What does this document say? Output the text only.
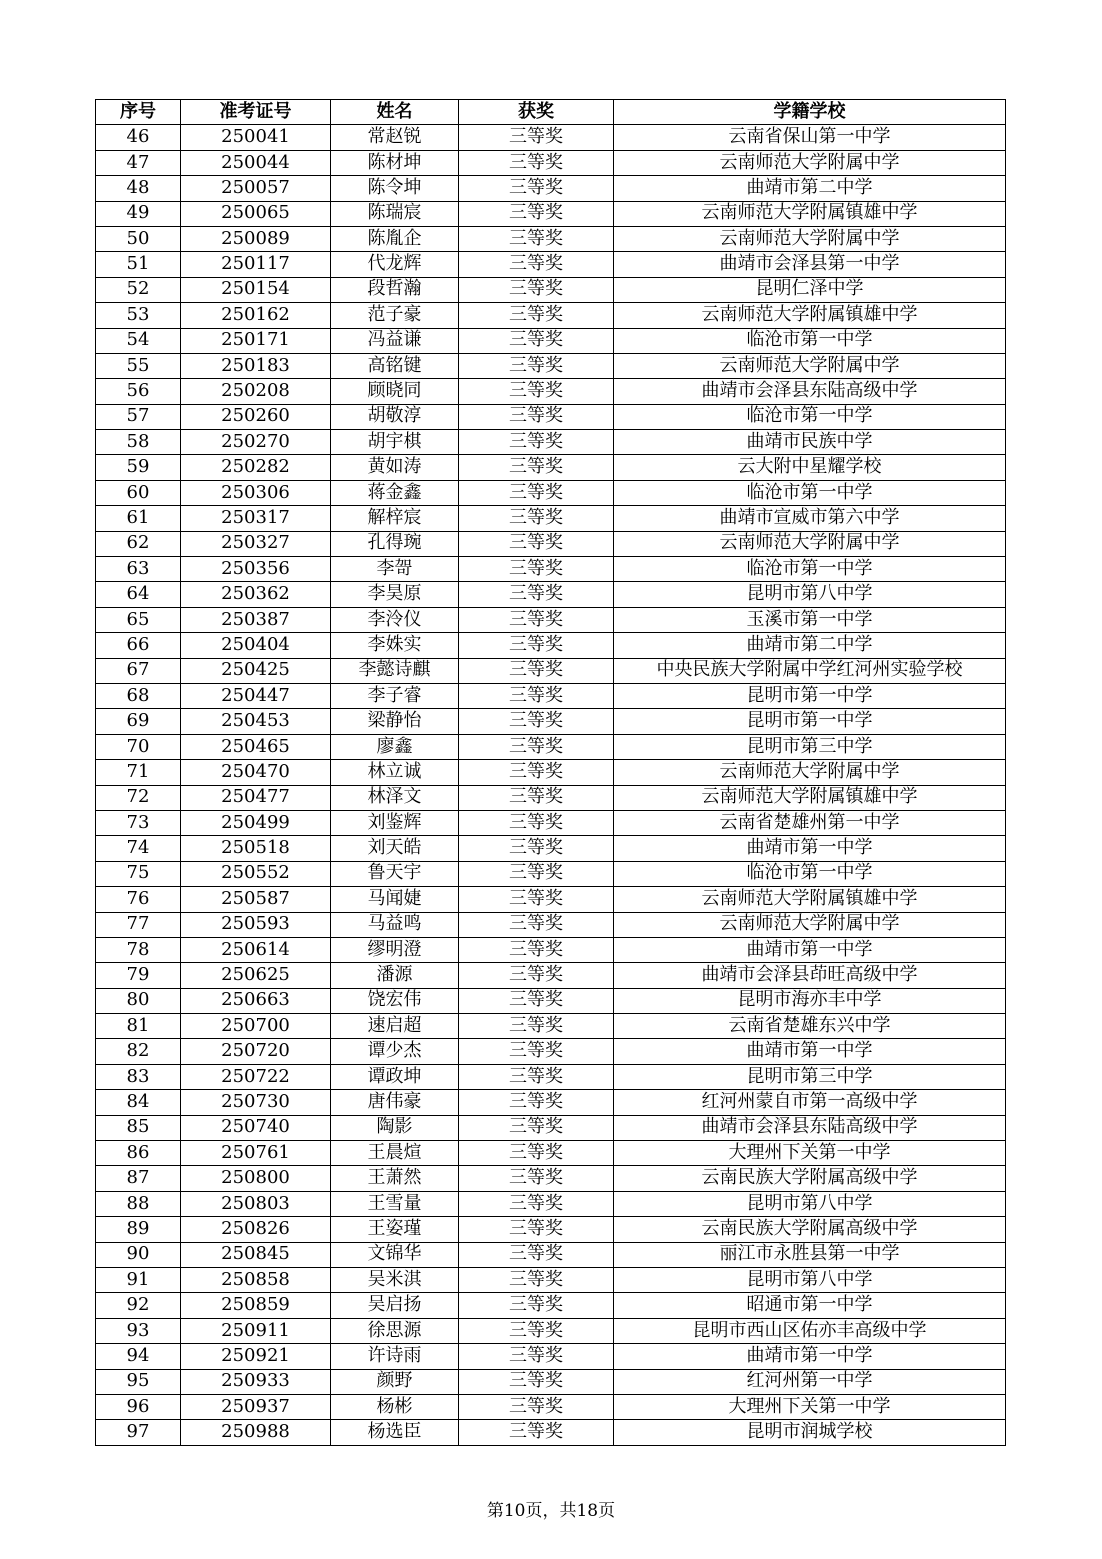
序号	准考证号	姓名	获奖	学籍学校
46	250041	常赵锐	三等奖	云南省保山第一中学
47	250044	陈材坤	三等奖	云南师范大学附属中学
48	250057	陈令坤	三等奖	曲靖市第二中学
49	250065	陈瑞宸	三等奖	云南师范大学附属镇雄中学
50	250089	陈胤企	三等奖	云南师范大学附属中学
51	250117	代龙辉	三等奖	曲靖市会泽县第一中学
52	250154	段哲瀚	三等奖	昆明仁泽中学
53	250162	范子豪	三等奖	云南师范大学附属镇雄中学
54	250171	冯益谦	三等奖	临沧市第一中学
55	250183	高铭键	三等奖	云南师范大学附属中学
56	250208	顾晓同	三等奖	曲靖市会泽县东陆高级中学
57	250260	胡敬淳	三等奖	临沧市第一中学
58	250270	胡宇棋	三等奖	曲靖市民族中学
59	250282	黄如涛	三等奖	云大附中星耀学校
60	250306	蒋金鑫	三等奖	临沧市第一中学
61	250317	解梓宸	三等奖	曲靖市宣威市第六中学
62	250327	孔得琬	三等奖	云南师范大学附属中学
63	250356	李哿	三等奖	临沧市第一中学
64	250362	李昊原	三等奖	昆明市第八中学
65	250387	李泠仪	三等奖	玉溪市第一中学
66	250404	李姝实	三等奖	曲靖市第二中学
67	250425	李懿诗麒	三等奖	中央民族大学附属中学红河州实验学校
68	250447	李子睿	三等奖	昆明市第一中学
69	250453	梁静怡	三等奖	昆明市第一中学
70	250465	廖鑫	三等奖	昆明市第三中学
71	250470	林立诚	三等奖	云南师范大学附属中学
72	250477	林泽文	三等奖	云南师范大学附属镇雄中学
73	250499	刘鉴辉	三等奖	云南省楚雄州第一中学
74	250518	刘天皓	三等奖	曲靖市第一中学
75	250552	鲁天宇	三等奖	临沧市第一中学
76	250587	马闻婕	三等奖	云南师范大学附属镇雄中学
77	250593	马益鸣	三等奖	云南师范大学附属中学
78	250614	缪明澄	三等奖	曲靖市第一中学
79	250625	潘源	三等奖	曲靖市会泽县茚旺高级中学
80	250663	饶宏伟	三等奖	昆明市海亦丰中学
81	250700	速启超	三等奖	云南省楚雄东兴中学
82	250720	谭少杰	三等奖	曲靖市第一中学
83	250722	谭政坤	三等奖	昆明市第三中学
84	250730	唐伟豪	三等奖	红河州蒙自市第一高级中学
85	250740	陶影	三等奖	曲靖市会泽县东陆高级中学
86	250761	王晨煊	三等奖	大理州下关第一中学
87	250800	王萧然	三等奖	云南民族大学附属高级中学
88	250803	王雪量	三等奖	昆明市第八中学
89	250826	王姿瑾	三等奖	云南民族大学附属高级中学
90	250845	文锦华	三等奖	丽江市永胜县第一中学
91	250858	吴米淇	三等奖	昆明市第八中学
92	250859	吴启扬	三等奖	昭通市第一中学
93	250911	徐思源	三等奖	昆明市西山区佑亦丰高级中学
94	250921	许诗雨	三等奖	曲靖市第一中学
95	250933	颜野	三等奖	红河州第一中学
96	250937	杨彬	三等奖	大理州下关第一中学
97	250988	杨选臣	三等奖	昆明市润城学校
第10页，共18页
